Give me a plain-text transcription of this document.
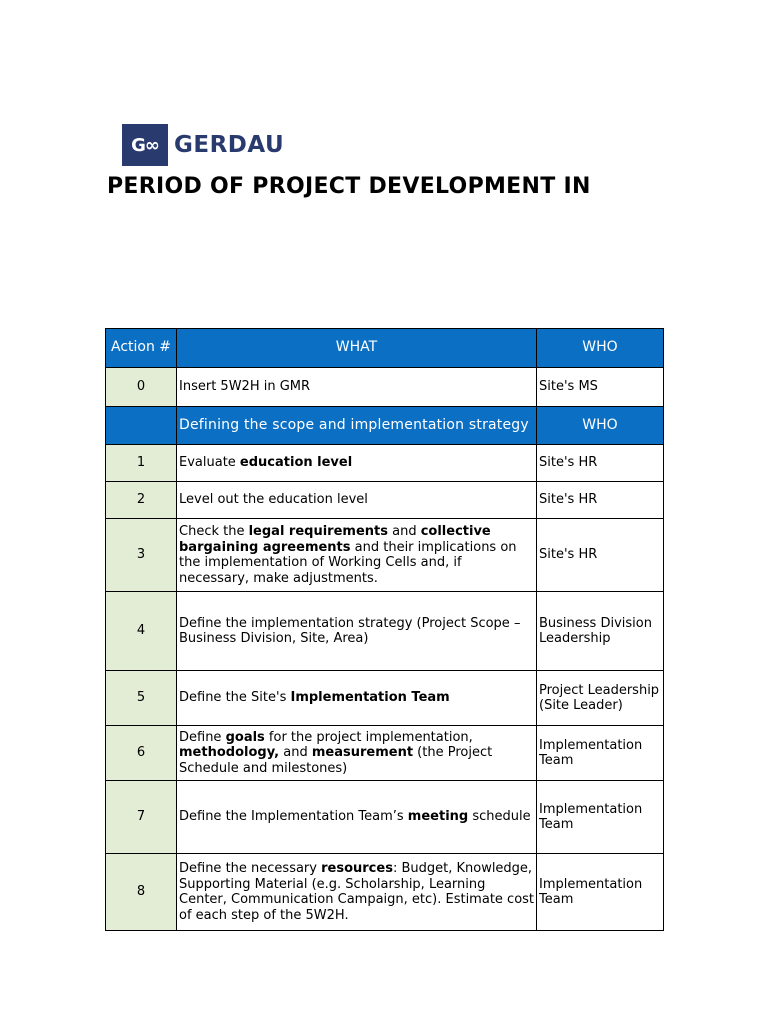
G ∞ GERDAU
PERIOD OF PROJECT DEVELOPMENT IN
Action #	WHAT	WHO
0	Insert 5W2H in GMR	Site's MS
	Defining the scope and implementation strategy	WHO
1	Evaluate education level	Site's HR
2	Level out the education level	Site's HR
3	Check the legal requirements and collective bargaining agreements and their implications on the implementation of Working Cells and, if necessary, make adjustments.	Site's HR
4	Define the implementation strategy (Project Scope – Business Division, Site, Area)	Business Division Leadership
5	Define the Site's Implementation Team	Project Leadership (Site Leader)
6	Define goals for the project implementation, methodology, and measurement (the Project Schedule and milestones)	Implementation Team
7	Define the Implementation Team’s meeting schedule	Implementation Team
8	Define the necessary resources: Budget, Knowledge, Supporting Material (e.g. Scholarship, Learning Center, Communication Campaign, etc). Estimate cost of each step of the 5W2H.	Implementation Team
